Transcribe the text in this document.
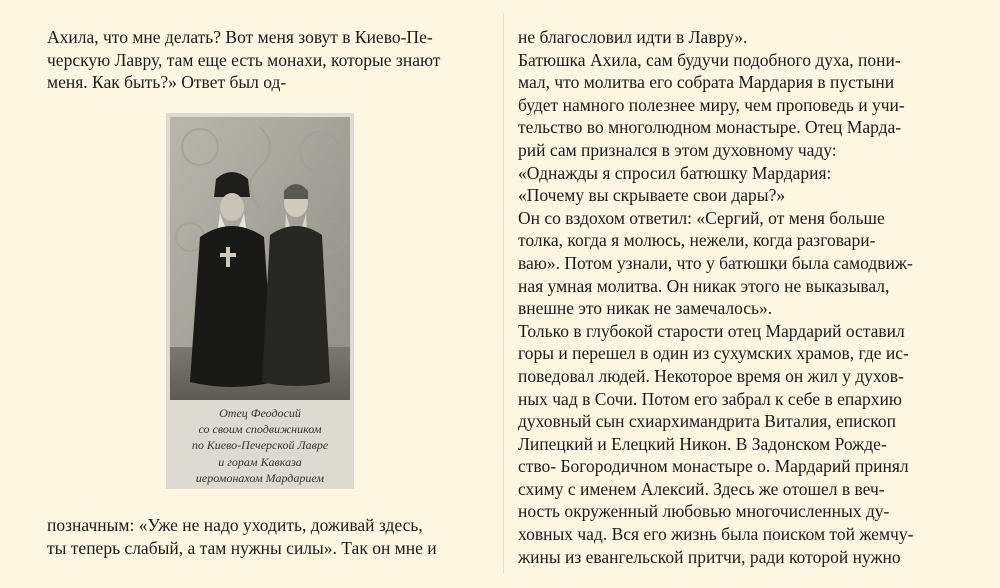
Ахила, что мне делать? Вот меня зовут в Киево-Пе-
черскую Лавру, там еще есть монахи, которые знают
меня. Как быть?» Ответ был од-
Отец Феодосий
со своим сподвижником
по Киево-Печерской Лавре
и горам Кавказа
иеромонахом Мардарием
позначным: «Уже не надо уходить, доживай здесь,
ты теперь слабый, а там нужны силы». Так он мне и
не благословил идти в Лавру».
Батюшка Ахила, сам будучи подобного духа, пони-
мал, что молитва его собрата Мардария в пустыни
будет намного полезнее миру, чем проповедь и учи-
тельство во многолюдном монастыре. Отец Мардa-
рий сам признался в этом духовному чаду:
«Однажды я спросил батюшку Мардария:
«Почему вы скрываете свои дары?»
Он со вздохом ответил: «Сергий, от меня больше
толка, когда я молюсь, нежели, когда разговари-
ваю». Потом узнали, что у батюшки была самодвиж-
ная умная молитва. Он никак этого не выказывал,
внешне это никак не замечалось».
Только в глубокой старости отец Мардарий оставил
горы и перешел в один из сухумских храмов, где ис-
поведовал людей. Некоторое время он жил у духов-
ных чад в Сочи. Потом его забрал к себе в епархию
духовный сын схиархимандрита Виталия, епископ
Липецкий и Елецкий Никон. В Задонском Рожде-
ство- Богородичном монастыре о. Мардарий принял
схиму с именем Алексий. Здесь же отошел в веч-
ность окруженный любовью многочисленных ду-
ховных чад. Вся его жизнь была поиском той жемчу-
жины из евангельской притчи, ради которой нужно
